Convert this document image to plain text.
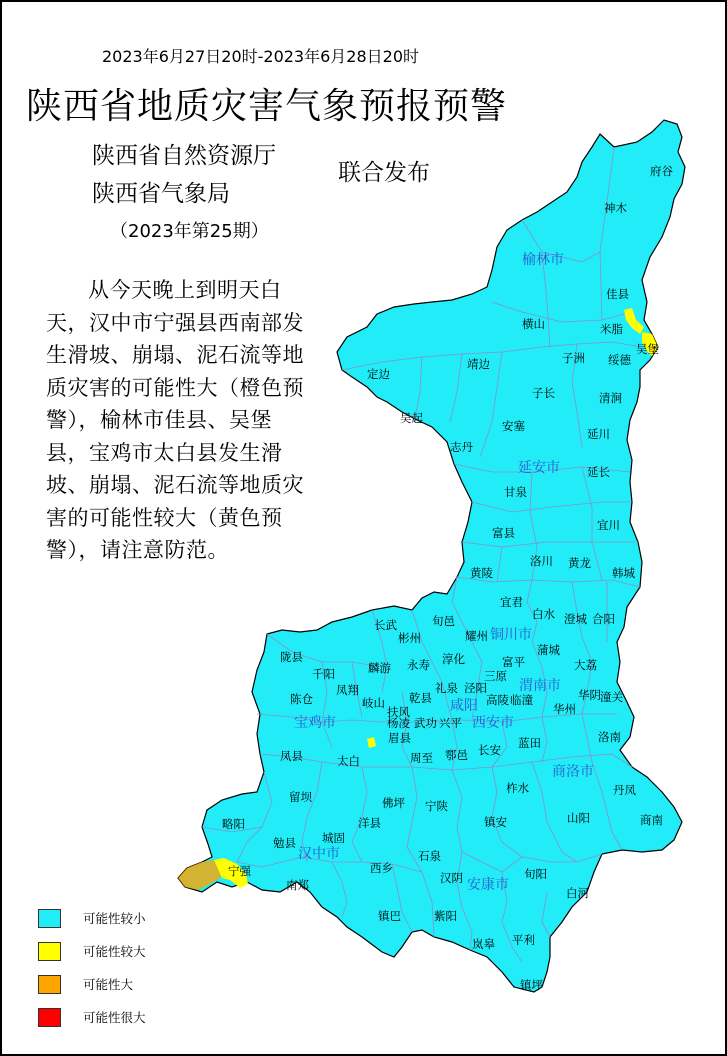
2023年6月27日20时-2023年6月28日20时
陕西省地质灾害气象预报预警
陕西省自然资源厅
陕西省气象局
联合发布
（2023年第25期）
从今天晚上到明天白天，汉中市宁强县西南部发生滑坡、崩塌、泥石流等地质灾害的可能性大（橙色预警），榆林市佳县、吴堡县，宝鸡市太白县发生滑坡、崩塌、泥石流等地质灾害的可能性较大（黄色预警），请注意防范。
府谷
神木
佳县
横山	米脂
吴堡
绥德
子洲
定边
靖边
子长	清涧
吴起
安塞
延川
志丹
延长
甘泉
富县
宜川
洛川 黄龙
黄陵	韩城
宜君
白水 澄城 合阳
长武
彬州
旬邑
耀州
蒲城
陇县
千阳	麟游 永寿 淳化	富平	大荔
三原
凤翔
岐山 乾县
礼泉 泾阳
高陵 临潼	华阴 潼关
陈仓
扶风
杨凌 武功 兴平
华州
凤县
眉县
太白	周至 鄠邑 长安 蓝田	洛南
留坝	佛坪 宁陕
柞水	丹凤
略阳
勉县 城固
洋县	镇安	山阳	商南
宁强
南郑
西乡
石泉
汉阴	旬阳
白河
镇巴	紫阳
岚皋 平利
镇坪
榆林市
延安市
铜川市
渭南市
咸阳
西安市
宝鸡市
商洛市
汉中市
安康市
可能性较小
可能性较大
可能性大
可能性很大
